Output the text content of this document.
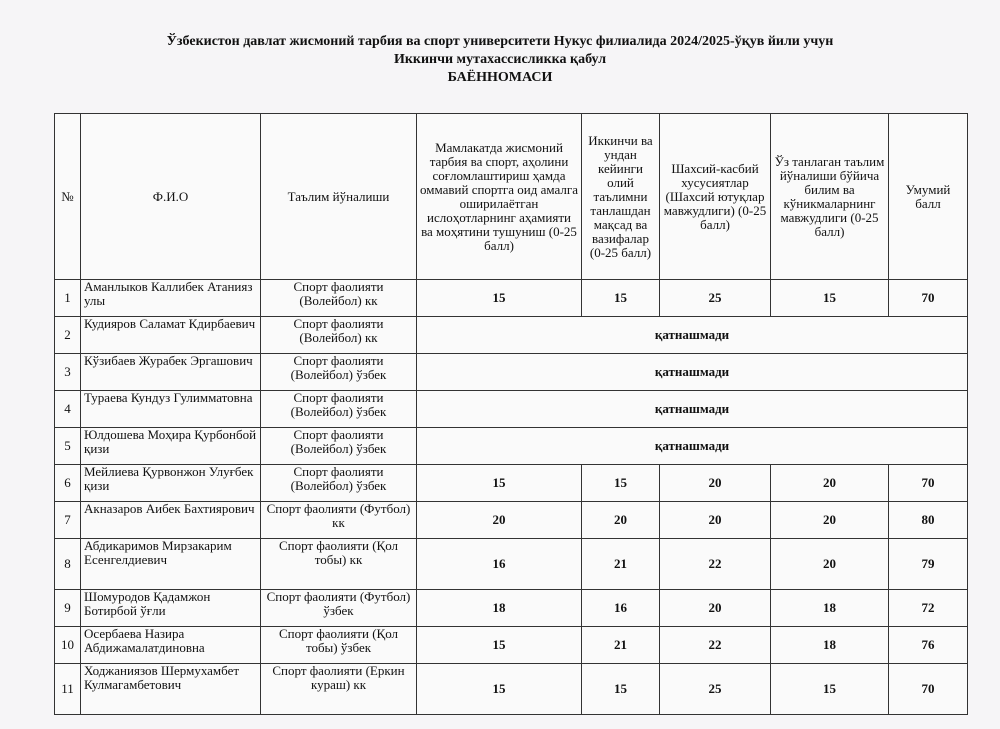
Ўзбекистон давлат жисмоний тарбия ва спорт университети Нукус филиалида 2024/2025-ўқув йили учун
Иккинчи мутахассисликка қабул
БАЁННОМАСИ
№	Ф.И.О	Таълим йўналиши	Мамлакатда жисмоний тарбия ва спорт, аҳолини соғломлаштириш ҳамда оммавий спортга оид амалга оширилаётган ислоҳотларнинг аҳамияти ва моҳятини тушуниш (0-25 балл)	Иккинчи ва ундан кейинги олий таълимни танлашдан мақсад ва вазифалар (0-25 балл)	Шахсий-касбий хусусиятлар (Шахсий ютуқлар мавжудлиги) (0-25 балл)	Ўз танлаган таълим йўналиши бўйича билим ва кўникмаларнинг мавжудлиги (0-25 балл)	Умумий балл
1	Аманлыков Каллибек Атанияз улы	Спорт фаолияти (Волейбол) кк	15	15	25	15	70
2	Кудияров Саламат Кдирбаевич	Спорт фаолияти (Волейбол) кк	қатнашмади				
3	Кўзибаев Журабек Эргашович	Спорт фаолияти (Волейбол) ўзбек	қатнашмади				
4	Тураева Кундуз Гулимматовна	Спорт фаолияти (Волейбол) ўзбек	қатнашмади				
5	Юлдошева Моҳира Қурбонбой қизи	Спорт фаолияти (Волейбол) ўзбек	қатнашмади				
6	Мейлиева Қурвонжон Улуғбек қизи	Спорт фаолияти (Волейбол) ўзбек	15	15	20	20	70
7	Акназаров Аибек Бахтиярович	Спорт фаолияти (Футбол) кк	20	20	20	20	80
8	Абдикаримов Мирзакарим Есенгелдиевич	Спорт фаолияти (Қол тобы) кк	16	21	22	20	79
9	Шомуродов Қадамжон Ботирбой ўғли	Спорт фаолияти (Футбол) ўзбек	18	16	20	18	72
10	Осербаева Назира Абдижамалатдиновна	Спорт фаолияти (Қол тобы) ўзбек	15	21	22	18	76
11	Ходжаниязов Шермухамбет Кулмагамбетович	Спорт фаолияти (Еркин кураш) кк	15	15	25	15	70
